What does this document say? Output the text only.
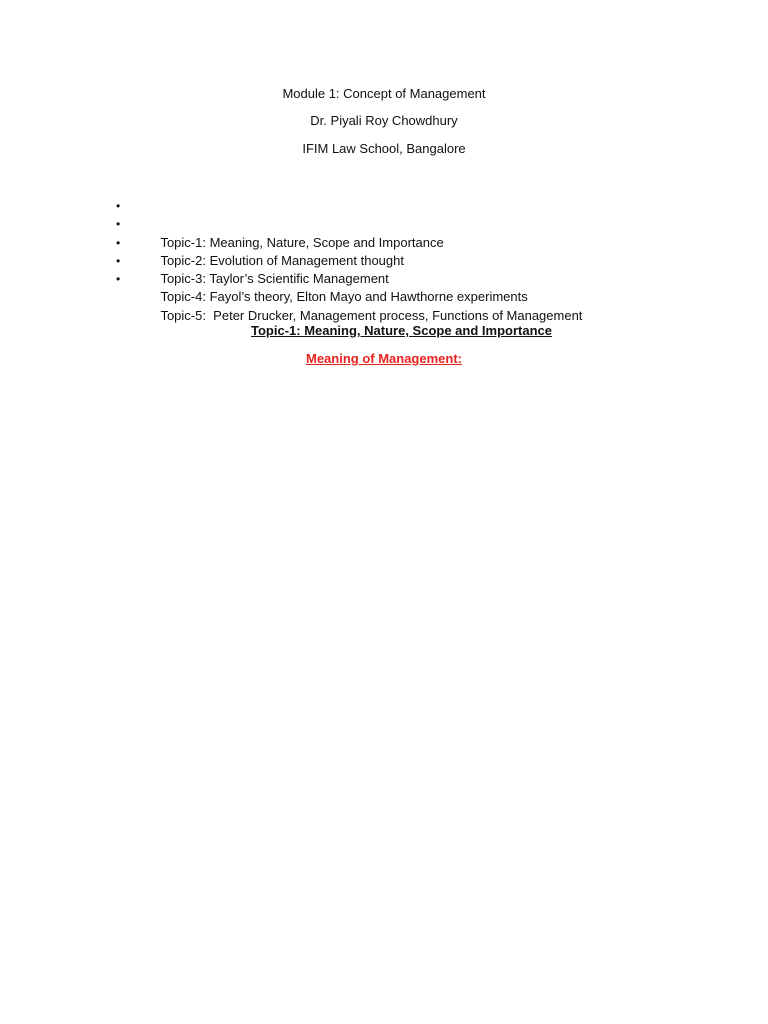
Module 1: Concept of Management
Dr. Piyali Roy Chowdhury
IFIM Law School, Bangalore

•

Topic-1: Meaning, Nature, Scope and Importance

•

Topic-2: Evolution of Management thought

•

Topic-3: Taylor’s Scientific Management

•

Topic-4: Fayol’s theory, Elton Mayo and Hawthorne experiments

•

Topic-5:  Peter Drucker, Management process, Functions of Management

Topic-1: Meaning, Nature, Scope and Importance
Meaning of Management:
